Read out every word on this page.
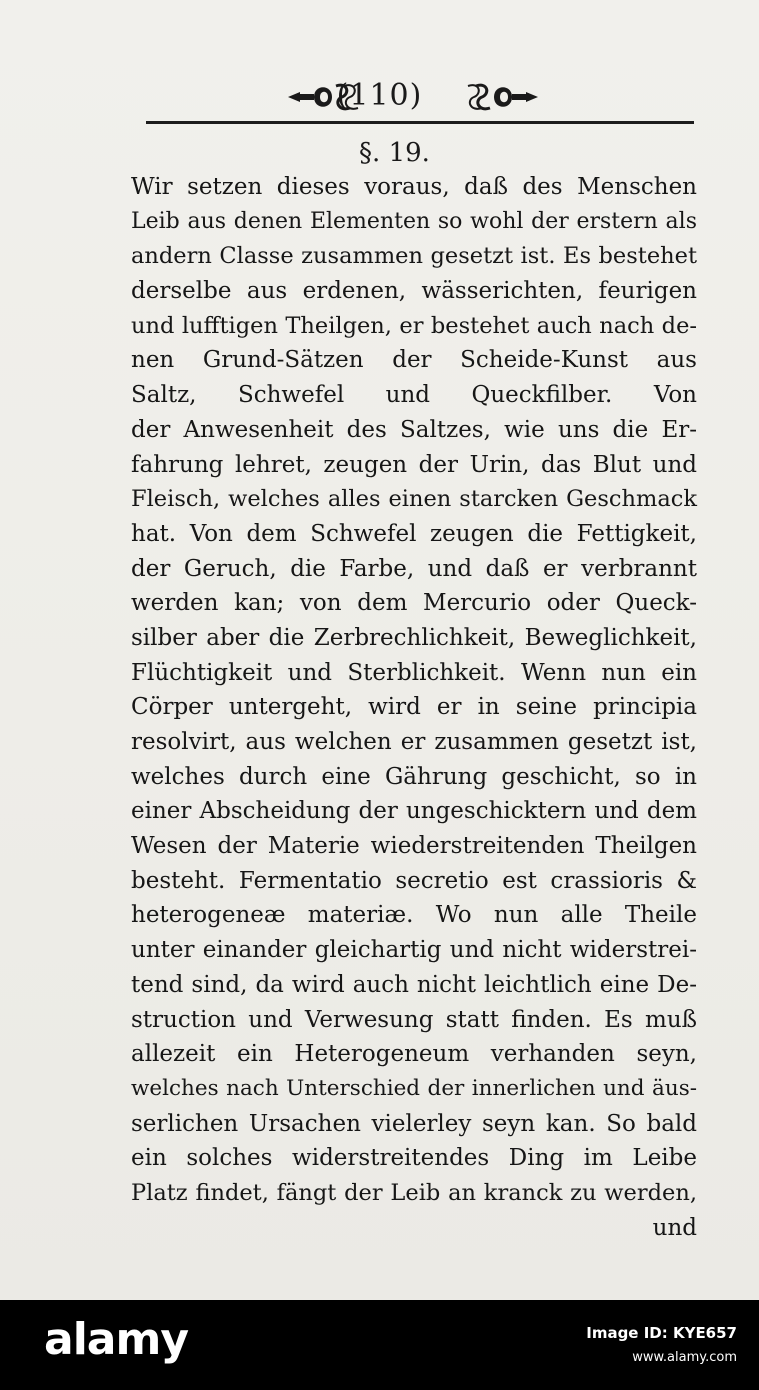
(110)
§. 19.
Wir setzen dieses voraus, daß des Menschen
Leib aus denen Elementen so wohl der erstern als
andern Classe zusammen gesetzt ist. Es bestehet
derselbe aus erdenen, wässerichten, feurigen
und lufftigen Theilgen, er bestehet auch nach de-
nen Grund-Sätzen der Scheide-Kunst aus
Saltz, Schwefel und Queckfilber. Von
der Anwesenheit des Saltzes, wie uns die Er-
fahrung lehret, zeugen der Urin, das Blut und
Fleisch, welches alles einen starcken Geschmack
hat. Von dem Schwefel zeugen die Fettigkeit,
der Geruch, die Farbe, und daß er verbrannt
werden kan; von dem Mercurio oder Queck-
silber aber die Zerbrechlichkeit, Beweglichkeit,
Flüchtigkeit und Sterblichkeit. Wenn nun ein
Cörper untergeht, wird er in seine principia
resolvirt, aus welchen er zusammen gesetzt ist,
welches durch eine Gährung geschicht, so in
einer Abscheidung der ungeschicktern und dem
Wesen der Materie wiederstreitenden Theilgen
besteht. Fermentatio secretio est crassioris &
heterogeneæ materiæ. Wo nun alle Theile
unter einander gleichartig und nicht widerstrei-
tend sind, da wird auch nicht leichtlich eine De-
struction und Verwesung statt finden. Es muß
allezeit ein Heterogeneum verhanden seyn,
welches nach Unterschied der innerlichen und äus-
serlichen Ursachen vielerley seyn kan. So bald
ein solches widerstreitendes Ding im Leibe
Platz findet, fängt der Leib an kranck zu werden,
und
alamy	Image ID: KYE657
www.alamy.com
